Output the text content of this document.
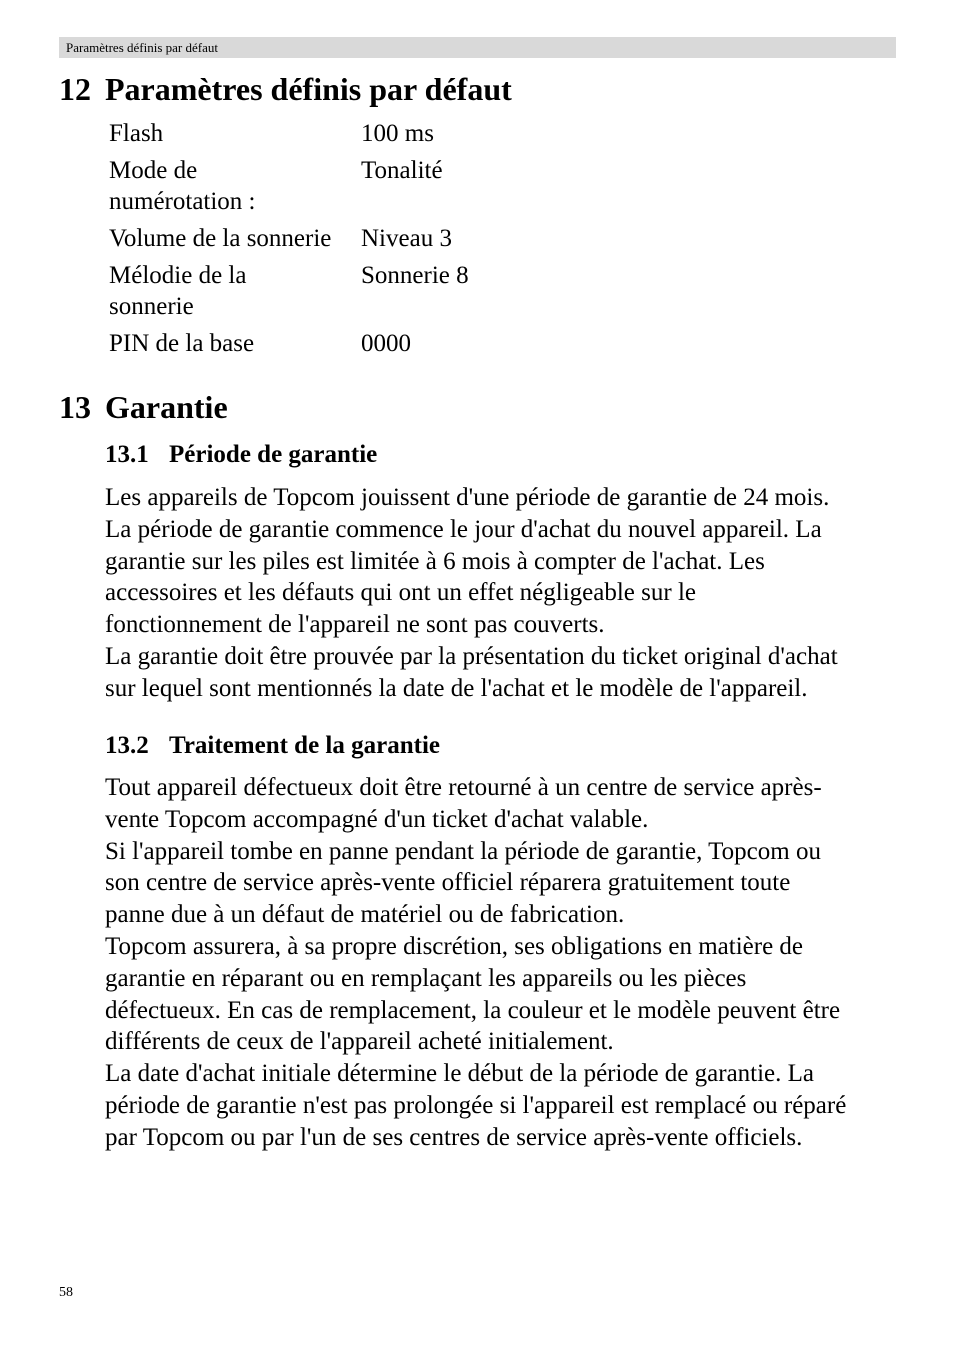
Paramètres définis par défaut
12 Paramètres définis par défaut
Flash	100 ms

Mode de
numérotation :	Tonalité

Volume de la sonnerie	Niveau 3

Mélodie de la
sonnerie	Sonnerie 8

PIN de la base	0000
13 Garantie
13.1 Période de garantie

Les appareils de Topcom jouissent d'une période de garantie de 24 mois.
La période de garantie commence le jour d'achat du nouvel appareil. La
garantie sur les piles est limitée à 6 mois à compter de l'achat. Les
accessoires et les défauts qui ont un effet négligeable sur le
fonctionnement de l'appareil ne sont pas couverts.
La garantie doit être prouvée par la présentation du ticket original d'achat
sur lequel sont mentionnés la date de l'achat et le modèle de l'appareil.

13.2 Traitement de la garantie

Tout appareil défectueux doit être retourné à un centre de service après-
vente Topcom accompagné d'un ticket d'achat valable.
Si l'appareil tombe en panne pendant la période de garantie, Topcom ou
son centre de service après-vente officiel réparera gratuitement toute
panne due à un défaut de matériel ou de fabrication.
Topcom assurera, à sa propre discrétion, ses obligations en matière de
garantie en réparant ou en remplaçant les appareils ou les pièces
défectueux. En cas de remplacement, la couleur et le modèle peuvent être
différents de ceux de l'appareil acheté initialement.
La date d'achat initiale détermine le début de la période de garantie. La
période de garantie n'est pas prolongée si l'appareil est remplacé ou réparé
par Topcom ou par l'un de ses centres de service après-vente officiels.

58
